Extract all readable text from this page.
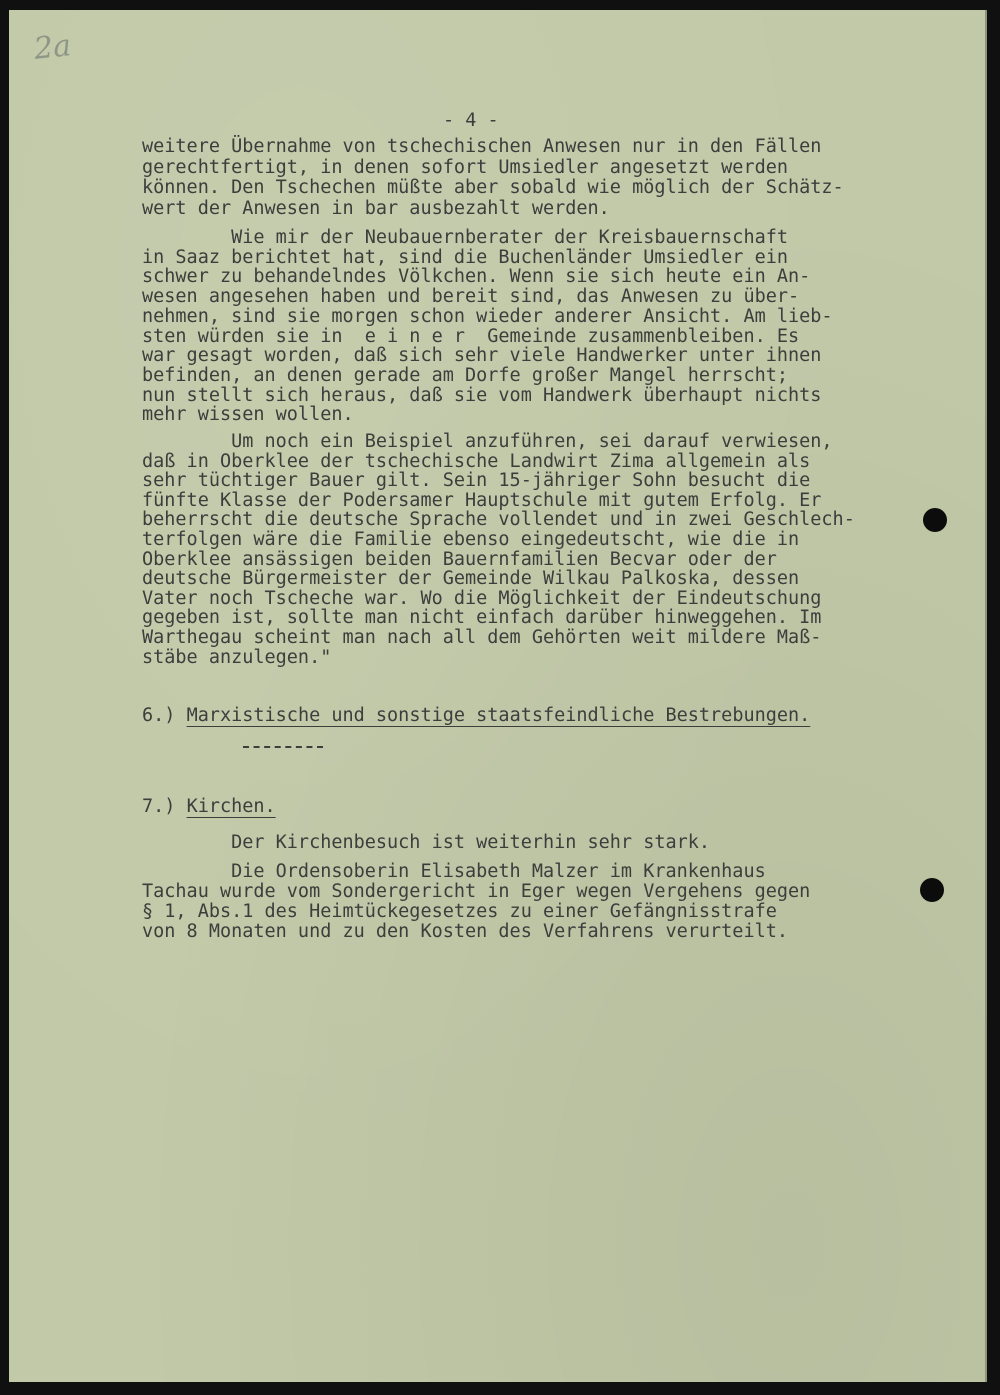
2a
- 4 -
weitere Übernahme von tschechischen Anwesen nur in den Fällen
gerechtfertigt, in denen sofort Umsiedler angesetzt werden
können. Den Tschechen müßte aber sobald wie möglich der Schätz-
wert der Anwesen in bar ausbezahlt werden.
Wie mir der Neubauernberater der Kreisbauernschaft
in Saaz berichtet hat, sind die Buchenländer Umsiedler ein
schwer zu behandelndes Völkchen. Wenn sie sich heute ein An-
wesen angesehen haben und bereit sind, das Anwesen zu über-
nehmen, sind sie morgen schon wieder anderer Ansicht. Am lieb-
sten würden sie in  e i n e r  Gemeinde zusammenbleiben. Es
war gesagt worden, daß sich sehr viele Handwerker unter ihnen
befinden, an denen gerade am Dorfe großer Mangel herrscht;
nun stellt sich heraus, daß sie vom Handwerk überhaupt nichts
mehr wissen wollen.
Um noch ein Beispiel anzuführen, sei darauf verwiesen,
daß in Oberklee der tschechische Landwirt Zima allgemein als
sehr tüchtiger Bauer gilt. Sein 15-jähriger Sohn besucht die
fünfte Klasse der Podersamer Hauptschule mit gutem Erfolg. Er
beherrscht die deutsche Sprache vollendet und in zwei Geschlech-
terfolgen wäre die Familie ebenso eingedeutscht, wie die in
Oberklee ansässigen beiden Bauernfamilien Becvar oder der
deutsche Bürgermeister der Gemeinde Wilkau Palkoska, dessen
Vater noch Tscheche war. Wo die Möglichkeit der Eindeutschung
gegeben ist, sollte man nicht einfach darüber hinweggehen. Im
Warthegau scheint man nach all dem Gehörten weit mildere Maß-
stäbe anzulegen."
6.) Marxistische und sonstige staatsfeindliche Bestrebungen.
7.) Kirchen.
Der Kirchenbesuch ist weiterhin sehr stark.
Die Ordensoberin Elisabeth Malzer im Krankenhaus
Tachau wurde vom Sondergericht in Eger wegen Vergehens gegen
§ 1, Abs.1 des Heimtückegesetzes zu einer Gefängnisstrafe
von 8 Monaten und zu den Kosten des Verfahrens verurteilt.
